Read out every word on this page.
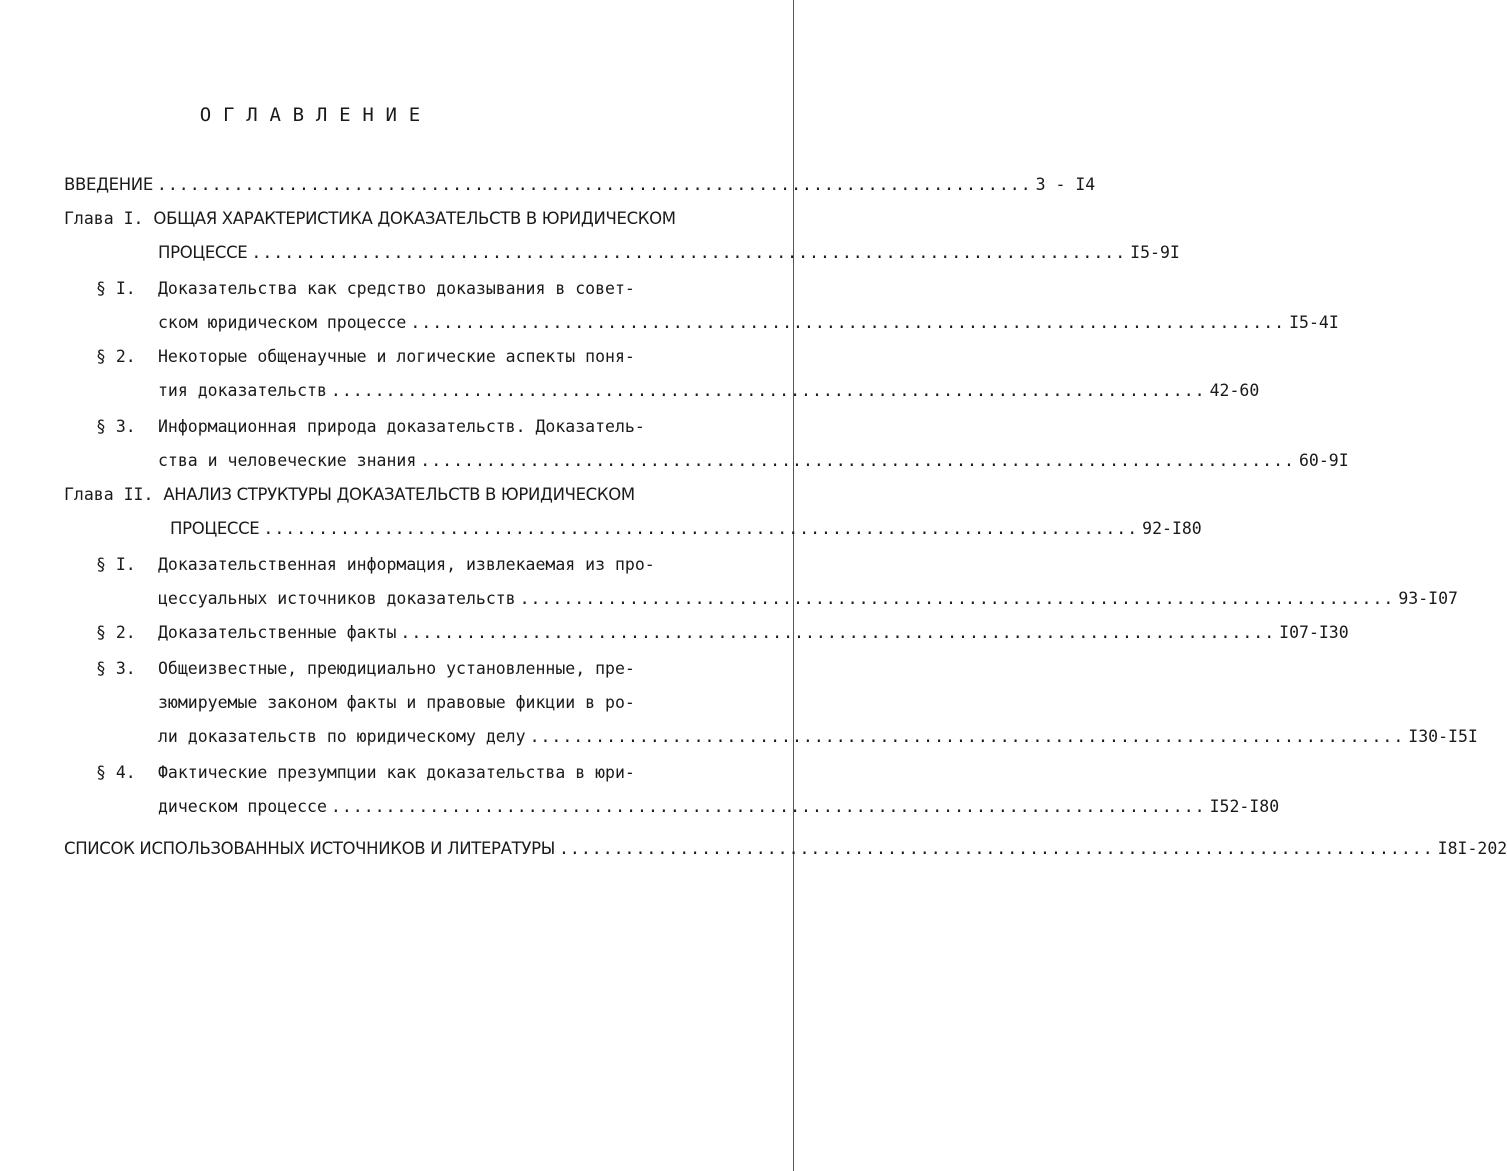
ОГЛАВЛЕНИЕ
ВВЕДЕНИЕ ................................................................................ 3 - I4
Глава I. ОБЩАЯ ХАРАКТЕРИСТИКА ДОКАЗАТЕЛЬСТВ В ЮРИДИЧЕСКОМ
ПРОЦЕССЕ ................................................................................ I5-9I
§ I. Доказательства как средство доказывания в совет-
ском юридическом процессе ................................................................................ I5-4I
§ 2. Некоторые общенаучные и логические аспекты поня-
тия доказательств ................................................................................ 42-60
§ 3. Информационная природа доказательств. Доказатель-
ства и человеческие знания ................................................................................ 60-9I
Глава II. АНАЛИЗ СТРУКТУРЫ ДОКАЗАТЕЛЬСТВ В ЮРИДИЧЕСКОМ
ПРОЦЕССЕ ................................................................................ 92-I80
§ I. Доказательственная информация, извлекаемая из про-
цессуальных источников доказательств ................................................................................ 93-I07
§ 2. Доказательственные факты ................................................................................ I07-I30
§ 3. Общеизвестные, преюдициально установленные, пре-
зюмируемые законом факты и правовые фикции в ро-
ли доказательств по юридическому делу ................................................................................ I30-I5I
§ 4. Фактические презумпции как доказательства в юри-
дическом процессе ................................................................................ I52-I80
СПИСОК ИСПОЛЬЗОВАННЫХ ИСТОЧНИКОВ И ЛИТЕРАТУРЫ ................................................................................ I8I-202
